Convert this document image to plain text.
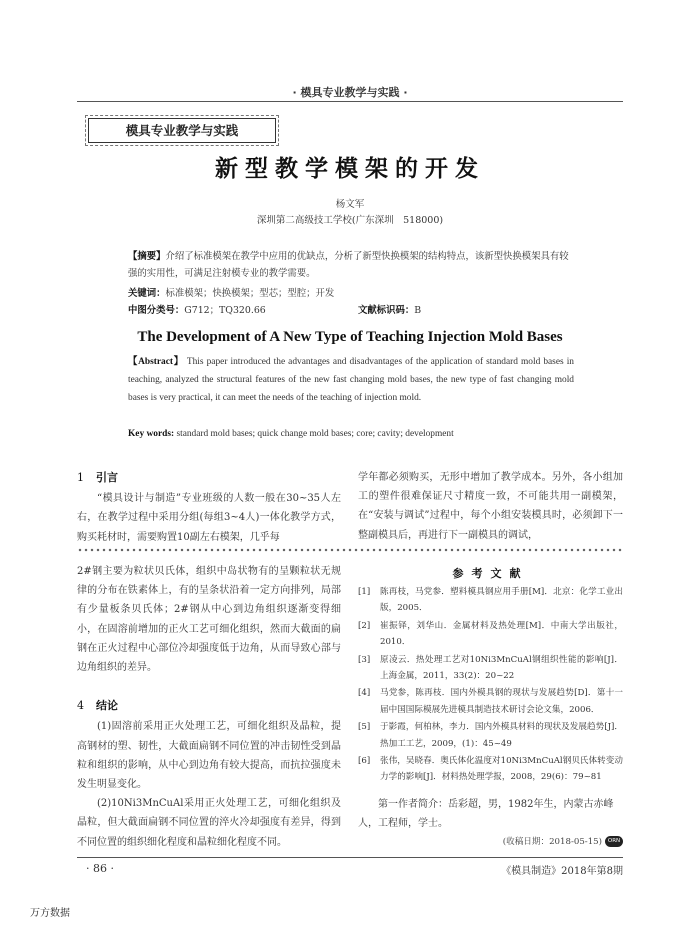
· 模具专业教学与实践 ·
模具专业教学与实践
新型教学模架的开发
杨文军
深圳第二高级技工学校(广东深圳　518000)
【摘要】介绍了标准模架在教学中应用的优缺点，分析了新型快换模架的结构特点，该新型快换模架具有较强的实用性，可满足注射模专业的教学需要。
关键词：标准模架；快换模架；型芯；型腔；开发
中图分类号：G712；TQ320.66	文献标识码：B
The Development of A New Type of Teaching Injection Mold Bases
【Abstract】 This paper introduced the advantages and disadvantages of the application of standard mold bases in teaching, analyzed the structural features of the new fast changing mold bases, the new type of fast changing mold bases is very practical, it can meet the needs of the teaching of injection mold.
Key words: standard mold bases; quick change mold bases; core; cavity; development
1 引言

“模具设计与制造”专业班级的人数一般在30~35人左右，在教学过程中采用分组(每组3~4人)一体化教学方式，购买耗材时，需要购置10副左右模架，几乎每

学年都必须购买，无形中增加了教学成本。另外，各小组加工的塑件很难保证尺寸精度一致，不可能共用一副模架，在“安装与调试”过程中，每个小组安装模具时，必须卸下一整副模具后，再进行下一副模具的调试，

2#钢主要为粒状贝氏体，组织中岛状物有的呈颗粒状无规律的分布在铁素体上，有的呈条状沿着一定方向排列，局部有少量板条贝氏体；2#钢从中心到边角组织逐渐变得细小，在固溶前增加的正火工艺可细化组织，然而大截面的扁钢在正火过程中心部位冷却强度低于边角，从而导致心部与边角组织的差异。

4 结论

(1)固溶前采用正火处理工艺，可细化组织及晶粒，提高钢材的塑、韧性，大截面扁钢不同位置的冲击韧性受到晶粒和组织的影响，从中心到边角有较大提高，而抗拉强度未发生明显变化。

(2)10Ni3MnCuAl采用正火处理工艺，可细化组织及晶粒，但大截面扁钢不同位置的淬火冷却强度有差异，得到不同位置的组织细化程度和晶粒细化程度不同。

参考文献
[1]	陈再枝，马党参．塑料模具钢应用手册[M]．北京：化学工业出版，2005．
[2]	崔振铎，刘华山．金属材料及热处理[M]．中南大学出版社，2010．
[3]	原凌云．热处理工艺对10Ni3MnCuAl钢组织性能的影响[J]．上海金属，2011，33(2)：20~22
[4]	马党参，陈再枝．国内外模具钢的现状与发展趋势[D]．第十一届中国国际模展先进模具制造技术研讨会论文集，2006．
[5]	于影霞，何柏林，李力．国内外模具材料的现状及发展趋势[J]．热加工工艺，2009，(1)：45~49
[6]	张伟，吴晓春．奥氏体化温度对10Ni3MnCuAl钢贝氏体转变动力学的影响[J]．材料热处理学报，2008，29(6)：79~81

第一作者简介：岳彩超，男，1982年生，内蒙古赤峰人，工程师，学士。

(收稿日期：2018-05-15) ORN
· 86 ·	《模具制造》2018年第8期
万方数据
